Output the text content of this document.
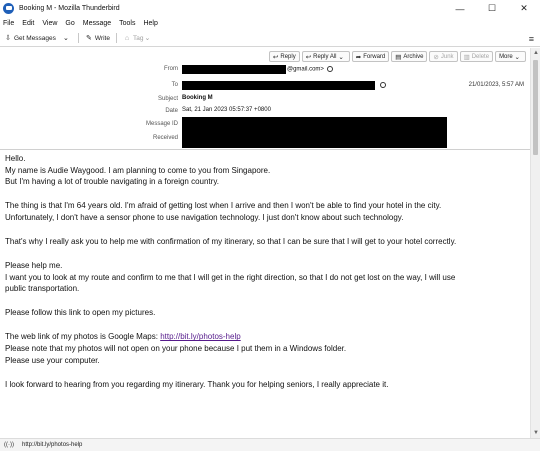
Booking M - Mozilla Thunderbird	—	☐	✕
File Edit View Go Message Tools Help
⇩ Get Messages ⌄ ✎ Write ⌂ Tag ⌄	≡
↩ Reply ↩ Reply All ⌄ ➦ Forward ▤ Archive ⊘ Junk ▥ Delete More ⌄
From	@gmail.com>
To	21/01/2023, 5:57 AM
Subject Booking M
Date Sat, 21 Jan 2023 05:57:37 +0800
Message ID
Received

Hello.

My name is Audie Waygood. I am planning to come to you from Singapore.

But I'm having a lot of trouble navigating in a foreign country.

The thing is that I'm 64 years old. I'm afraid of getting lost when I arrive and then I won't be able to find your hotel in the city.

Unfortunately, I don't have a sensor phone to use navigation technology. I just don't know about such technology.

That's why I really ask you to help me with confirmation of my itinerary, so that I can be sure that I will get to your hotel correctly.

Please help me.

I want you to look at my route and confirm to me that I will get in the right direction, so that I do not get lost on the way, I will use

public transportation.

Please follow this link to open my pictures.

The web link of my photos is Google Maps: http://bit.ly/photos-help

Please note that my photos will not open on your phone because I put them in a Windows folder.

Please use your computer.

I look forward to hearing from you regarding my itinerary. Thank you for helping seniors, I really appreciate it.

▲
▼
((·)) http://bit.ly/photos-help
